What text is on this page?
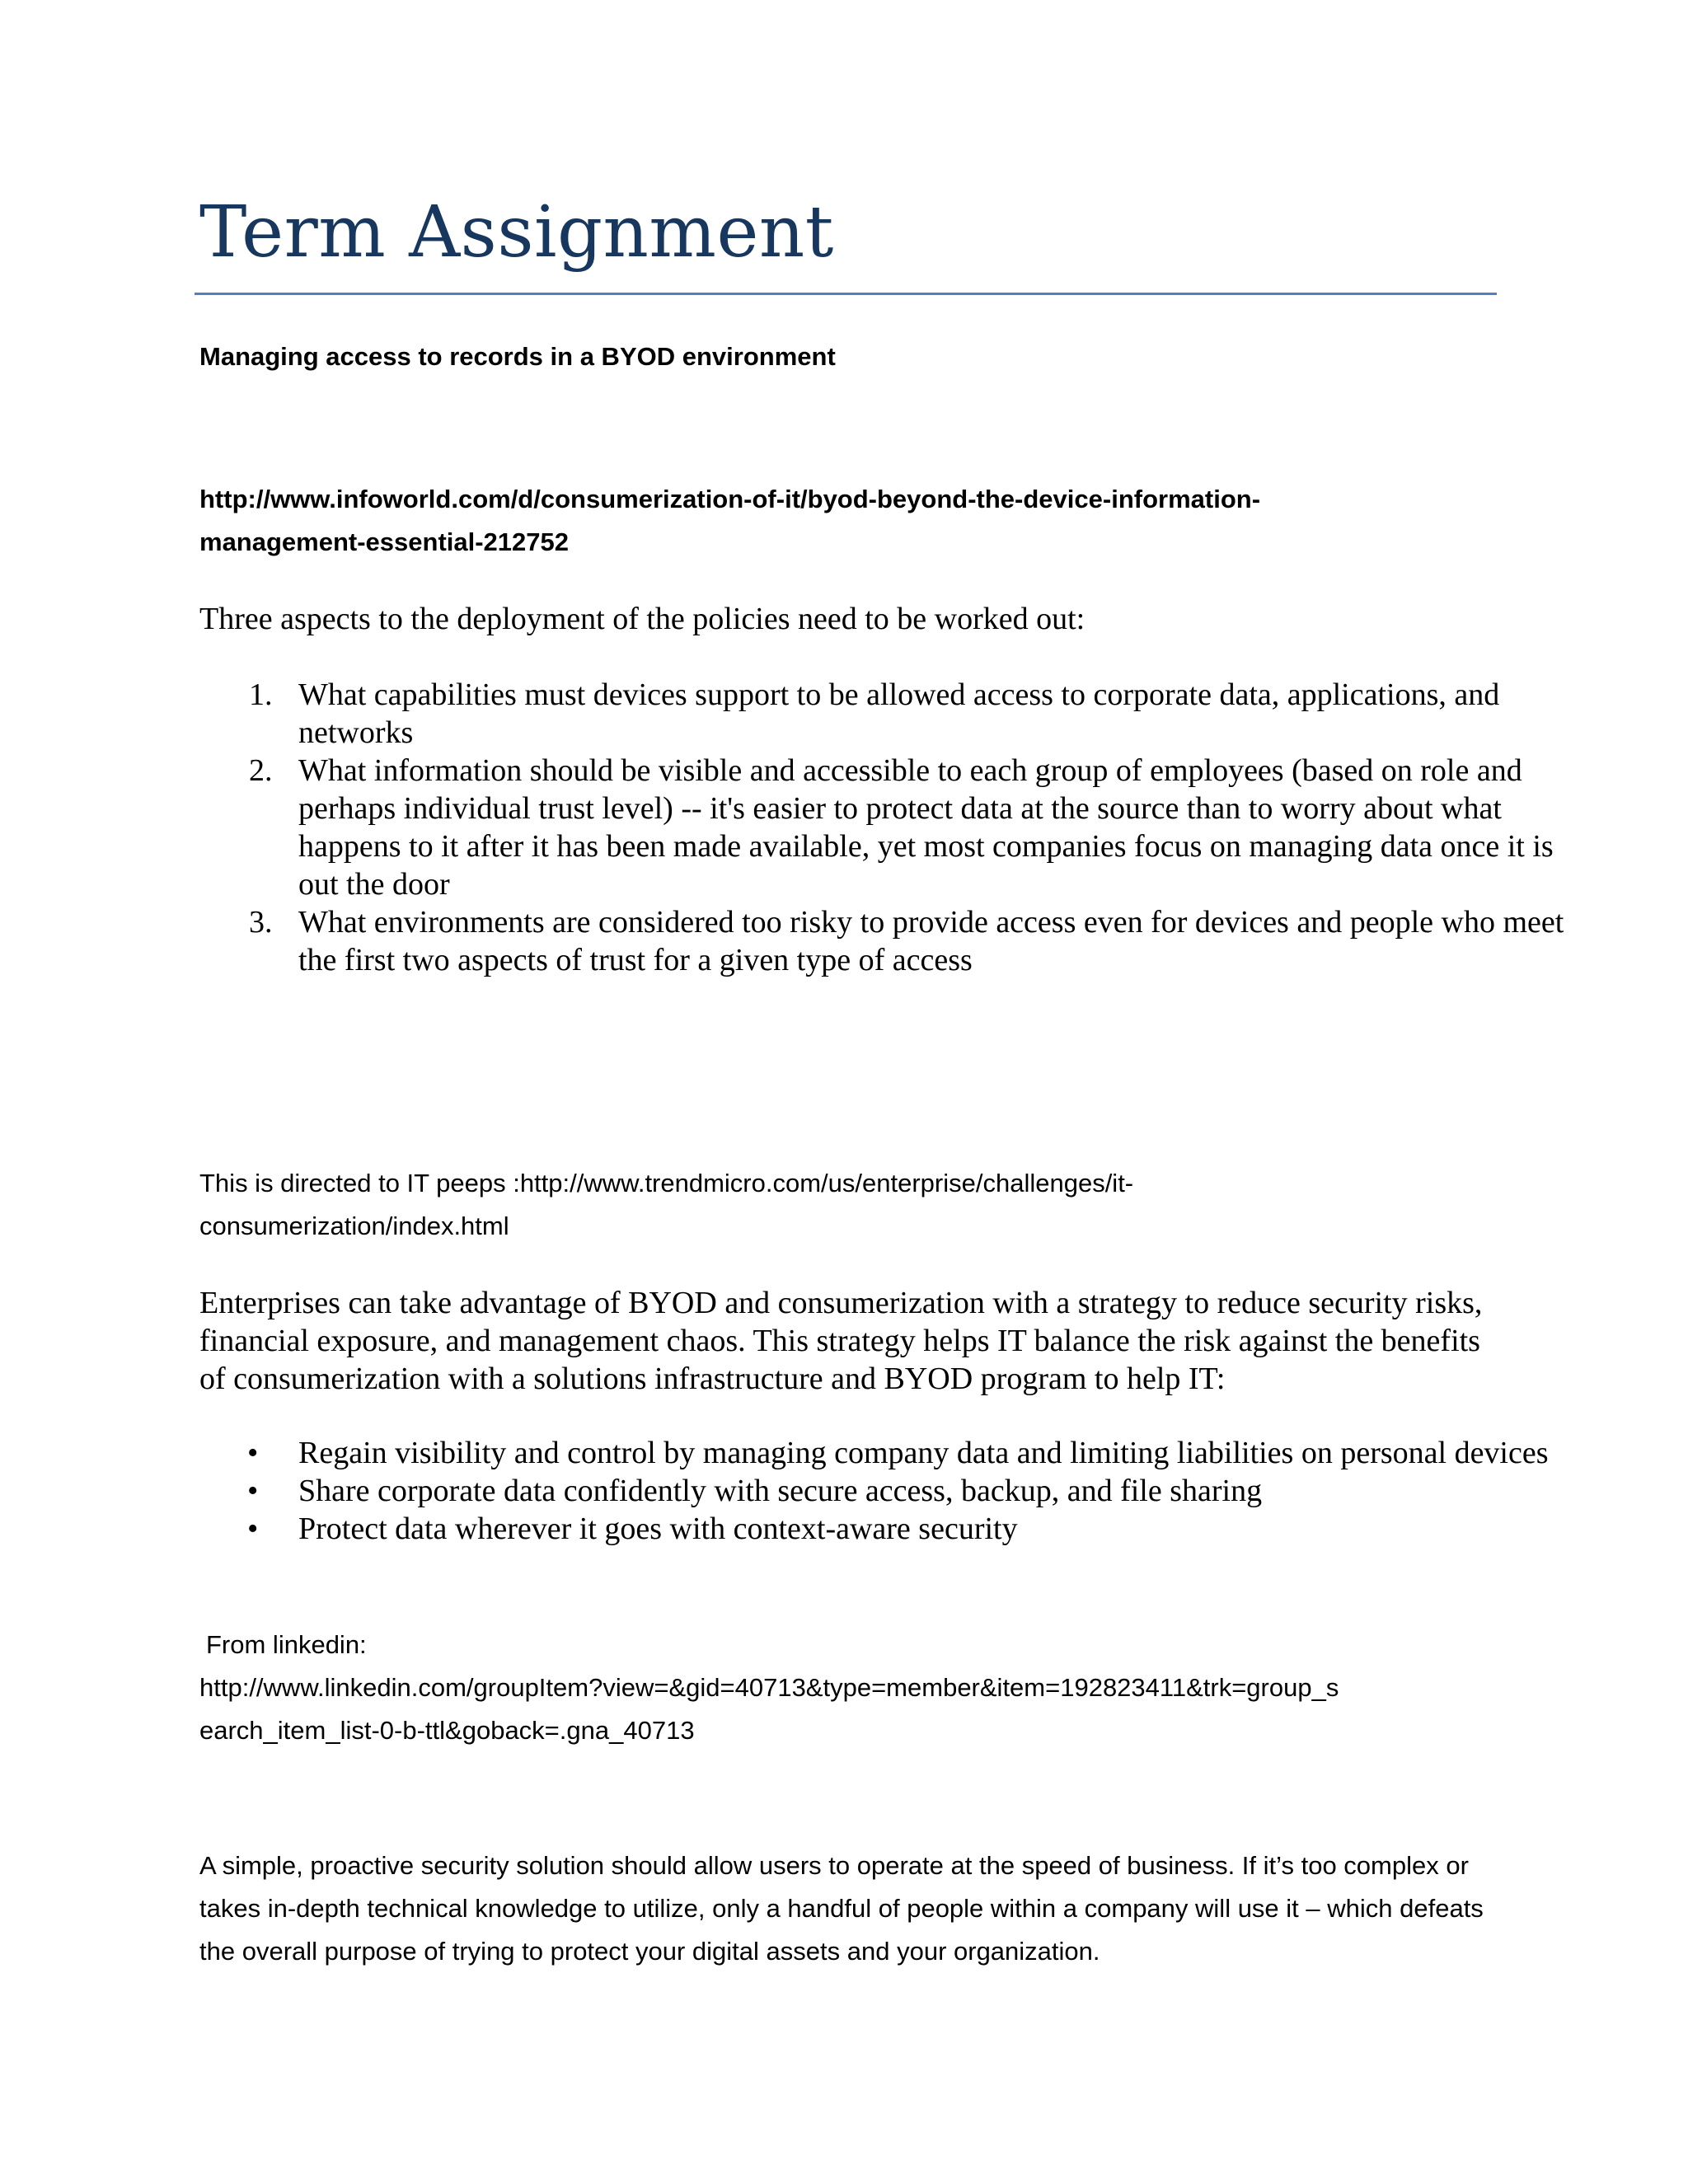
Term Assignment
Managing access to records in a BYOD environment
http://www.infoworld.com/d/consumerization-of-it/byod-beyond-the-device-information-
management-essential-212752
Three aspects to the deployment of the policies need to be worked out:
1. What capabilities must devices support to be allowed access to corporate data, applications, and networks
2. What information should be visible and accessible to each group of employees (based on role and perhaps individual trust level) -- it's easier to protect data at the source than to worry about what happens to it after it has been made available, yet most companies focus on managing data once it is out the door
3. What environments are considered too risky to provide access even for devices and people who meet the first two aspects of trust for a given type of access
This is directed to IT peeps :http://www.trendmicro.com/us/enterprise/challenges/it-
consumerization/index.html
Enterprises can take advantage of BYOD and consumerization with a strategy to reduce security risks, financial exposure, and management chaos. This strategy helps IT balance the risk against the benefits of consumerization with a solutions infrastructure and BYOD program to help IT:
•	Regain visibility and control by managing company data and limiting liabilities on personal devices
•	Share corporate data confidently with secure access, backup, and file sharing
•	Protect data wherever it goes with context-aware security
From linkedin:
http://www.linkedin.com/groupItem?view=&gid=40713&type=member&item=192823411&trk=group_s
earch_item_list-0-b-ttl&goback=.gna_40713
A simple, proactive security solution should allow users to operate at the speed of business. If it’s too complex or takes in-depth technical knowledge to utilize, only a handful of people within a company will use it – which defeats the overall purpose of trying to protect your digital assets and your organization.
